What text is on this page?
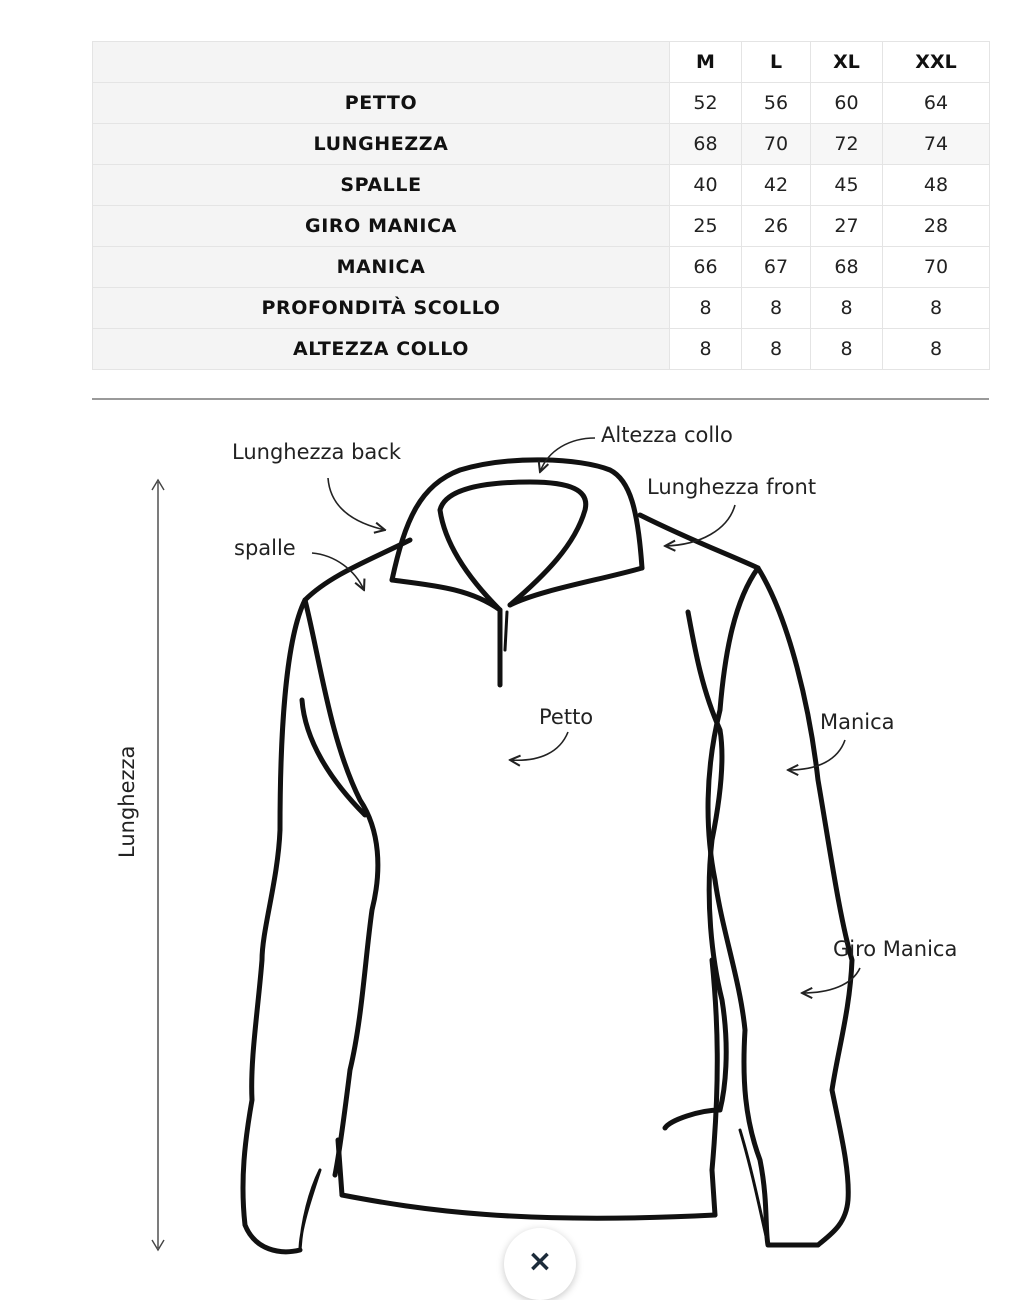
	M	L	XL	XXL
PETTO	52	56	60	64
LUNGHEZZA	68	70	72	74
SPALLE	40	42	45	48
GIRO MANICA	25	26	27	28
MANICA	66	67	68	70
PROFONDITÀ SCOLLO	8	8	8	8
ALTEZZA COLLO	8	8	8	8
Lunghezza back
Altezza collo
Lunghezza front
spalle
Petto	Manica
Giro Manica
Lunghezza
×
